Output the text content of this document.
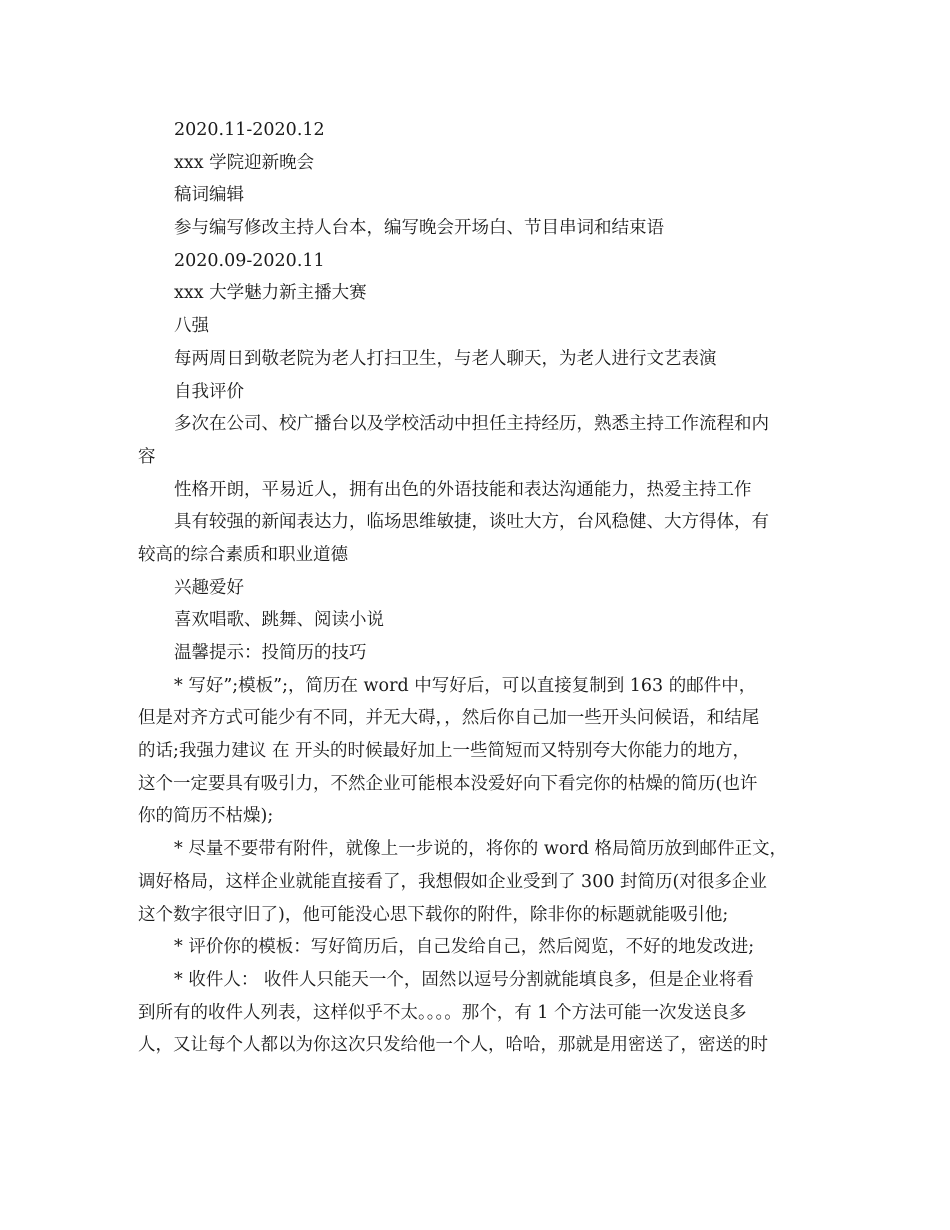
2020.11-2020.12
xxx 学院迎新晚会
稿词编辑
参与编写修改主持人台本，编写晚会开场白、节目串词和结束语
2020.09-2020.11
xxx 大学魅力新主播大赛
八强
每两周日到敬老院为老人打扫卫生，与老人聊天，为老人进行文艺表演
自我评价
多次在公司、校广播台以及学校活动中担任主持经历，熟悉主持工作流程和内
容
性格开朗，平易近人，拥有出色的外语技能和表达沟通能力，热爱主持工作
具有较强的新闻表达力，临场思维敏捷，谈吐大方，台风稳健、大方得体，有
较高的综合素质和职业道德
兴趣爱好
喜欢唱歌、跳舞、阅读小说
温馨提示：投简历的技巧
* 写好”;模板”;，简历在 word 中写好后，可以直接复制到 163 的邮件中，
但是对齐方式可能少有不同，并无大碍，，然后你自己加一些开头问候语，和结尾
的话;我强力建议 在 开头的时候最好加上一些简短而又特别夸大你能力的地方，
这个一定要具有吸引力，不然企业可能根本没爱好向下看完你的枯燥的简历(也许
你的简历不枯燥);
* 尽量不要带有附件，就像上一步说的，将你的 word 格局简历放到邮件正文，
调好格局，这样企业就能直接看了，我想假如企业受到了 300 封简历(对很多企业
这个数字很守旧了)，他可能没心思下载你的附件，除非你的标题就能吸引他;
* 评价你的模板：写好简历后，自己发给自己，然后阅览，不好的地发改进;
* 收件人： 收件人只能天一个，固然以逗号分割就能填良多，但是企业将看
到所有的收件人列表，这样似乎不太。。。。那个，有 1 个方法可能一次发送良多
人，又让每个人都以为你这次只发给他一个人，哈哈，那就是用密送了，密送的时
